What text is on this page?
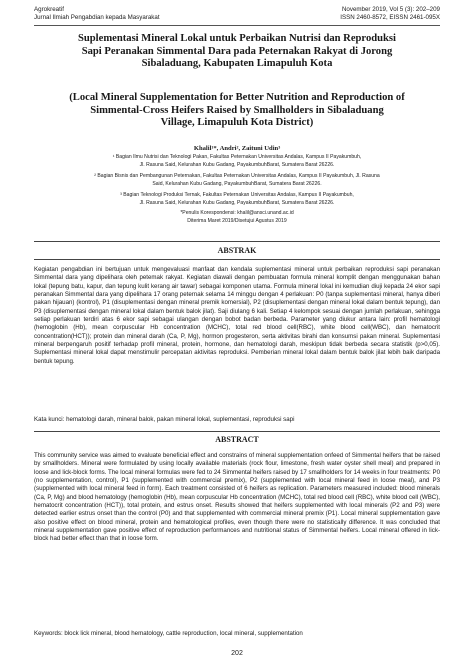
Agrokreatif
Jurnal Ilmiah Pengabdian kepada Masyarakat
November 2019, Vol 5 (3): 202–209
ISSN 2460-8572, EISSN 2461-095X
Suplementasi Mineral Lokal untuk Perbaikan Nutrisi dan Reproduksi
Sapi Peranakan Simmental Dara pada Peternakan Rakyat di Jorong
Sibaladuang, Kabupaten Limapuluh Kota
(Local Mineral Supplementation for Better Nutrition and Reproduction of
Simmental-Cross Heifers Raised by Smallholders in Sibaladuang
Village, Limapuluh Kota District)
Khalil¹*, Andri², Zaituni Udin³
¹ Bagian Ilmu Nutrisi dan Teknologi Pakan, Fakultas Peternakan Universitas Andalas, Kampus II Payakumbuh,
Jl. Rasuna Said, Kelurahan Kubu Gadang, PayakumbuhBarat, Sumatera Barat 26226.
² Bagian Bisnis dan Pembangunan Peternakan, Fakultas Peternakan Universitas Andalas, Kampus II Payakumbuh, Jl. Rasuna
Said, Kelurahan Kubu Gadang, PayakumbuhBarat, Sumatera Barat 26226.
³ Bagian Teknologi Produksi Ternak, Fakultas Peternakan Universitas Andalas, Kampus II Payakumbuh,
Jl. Rasuna Said, Kelurahan Kubu Gadang, PayakumbuhBarat, Sumatera Barat 26226.
*Penulis Korespondensi: khalil@ansci.unand.ac.id
Diterima Maret 2019/Disetujui Agustus 2019
ABSTRAK

Kegiatan pengabdian ini bertujuan untuk mengevaluasi manfaat dan kendala suplementasi mineral untuk perbaikan reproduksi sapi peranakan Simmental dara yang dipelihara oleh petemak rakyat. Kegiatan diawali dengan pembuatan formula mineral komplit dengan menggunakan bahan lokal (tepung batu, kapur, dan tepung kulit kerang air tawar) sebagai komponen utama. Formula mineral lokal ini kemudian diuji kepada 24 ekor sapi peranakan Simmental dara yang dipelihara 17 orang peternak selama 14 minggu dengan 4 perlakuan: P0 (tanpa suplementasi mineral, hanya diberi pakan hijauan) (kontrol), P1 (disuplementasi dengan mineral premik komersial), P2 (disuplementasi dengan mineral lokal dalam bentuk tepung), dan P3 (disuplementasi dengan mineral lokal dalam bentuk balok jilat). Saji diulang 6 kali. Setiap 4 kelompok sesuai dengan jumlah perlakuan, sehingga setiap perlakuan terdiri atas 6 ekor sapi sebagai ulangan dengan bobot badan berbeda. Parameter yang diukur antara lain: profil hematologi (hemoglobin (Hb), mean corpuscular Hb concentration (MCHC), total red blood cell(RBC), white blood cell(WBC), dan hematocrit concentration(HCT)); protein dan mineral darah (Ca, P, Mg), hormon progesteron, serta aktivitas birahi dan konsumsi pakan mineral. Suplementasi mineral berpengaruh positif terhadap profil mineral, protein, hormone, dan hematologi darah, meskipun tidak berbeda secara statistik (p>0,05). Suplementasi mineral lokal dapat menstimulir percepatan aktivitas reproduksi. Pemberian mineral lokal dalam bentuk balok jilat lebih baik daripada bentuk tepung.

Kata kunci: hematologi darah, mineral balok, pakan mineral lokal, suplementasi, reproduksi sapi
ABSTRACT

This community service was aimed to evaluate beneficial effect and constrains of mineral supplementation onfeed of Simmental heifers that be raised by smallholders. Mineral were formulated by using locally available materials (rock flour, limestone, fresh water oyster shell meal) and prepared in loose and lick-block forms. The local mineral formulas were fed to 24 Simmental heifers raised by 17 smallholders for 14 weeks in four treatments: P0 (no supplementation, control), P1 (supplemented with commercial premix), P2 (supplemented with local mineral feed in loose meal), and P3 (supplemented with local mineral feed in form). Each treatment consisted of 6 heifers as replication. Parameters measured included: blood minerals (Ca, P, Mg) and blood hematology (hemoglobin (Hb), mean corpuscular Hb concentration (MCHC), total red blood cell (RBC), white blood cell (WBC), hematocrit concentration (HCT)), total protein, and estrus onset. Results showed that heifers supplemented with local minerals (P2 and P3) were detected earlier estrus onset than the control (P0) and that supplemented with commercial mineral premix (P1). Local mineral supplementation gave also positive effect on blood mineral, protein and hematological profiles, even though there were no statistically difference. It was concluded that mineral supplementation gave positive effect of reproduction performances and nutritional status of Simmental heifers. Local mineral offered in lick-block had better effect than that in loose form.

Keywords: block lick mineral, blood hematology, cattle reproduction, local mineral, supplementation
202
